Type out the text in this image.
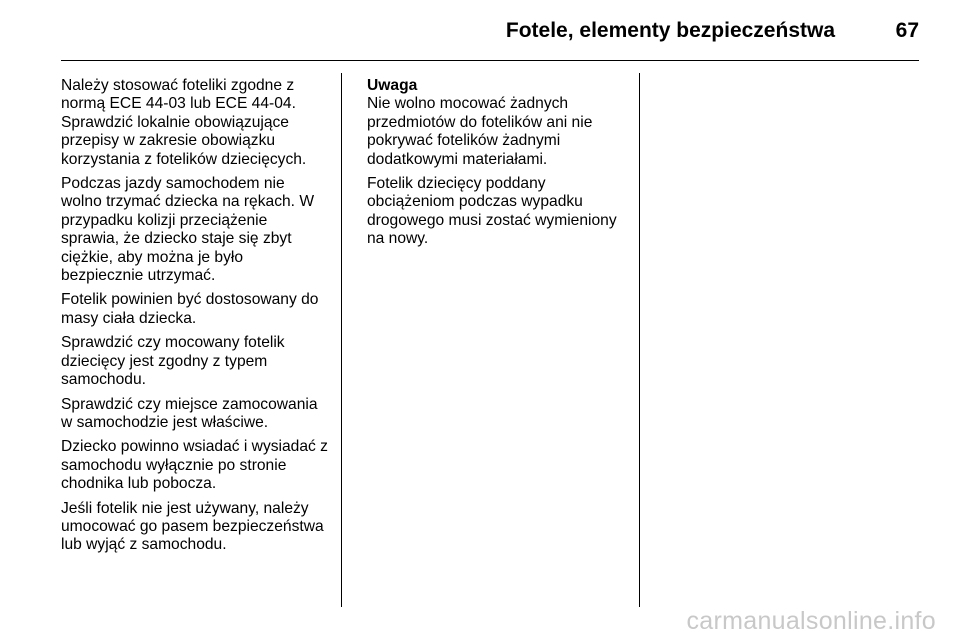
Fotele, elementy bezpieczeństwa	67

Należy stosować foteliki zgodne z normą ECE 44-03 lub ECE 44-04. Sprawdzić lokalnie obowiązujące przepisy w zakresie obowiązku korzystania z fotelików dziecięcych.

Podczas jazdy samochodem nie wolno trzymać dziecka na rękach. W przypadku kolizji przeciążenie sprawia, że dziecko staje się zbyt ciężkie, aby można je było bezpiecznie utrzymać.

Fotelik powinien być dostosowany do masy ciała dziecka.

Sprawdzić czy mocowany fotelik dziecięcy jest zgodny z typem samochodu.

Sprawdzić czy miejsce zamocowania w samochodzie jest właściwe.

Dziecko powinno wsiadać i wysiadać z samochodu wyłącznie po stronie chodnika lub pobocza.

Jeśli fotelik nie jest używany, należy umocować go pasem bezpieczeństwa lub wyjąć z samochodu.

Uwaga
Nie wolno mocować żadnych przedmiotów do fotelików ani nie pokrywać fotelików żadnymi dodatkowymi materiałami.

Fotelik dziecięcy poddany obciążeniom podczas wypadku drogowego musi zostać wymieniony na nowy.

carmanualsonline.info
